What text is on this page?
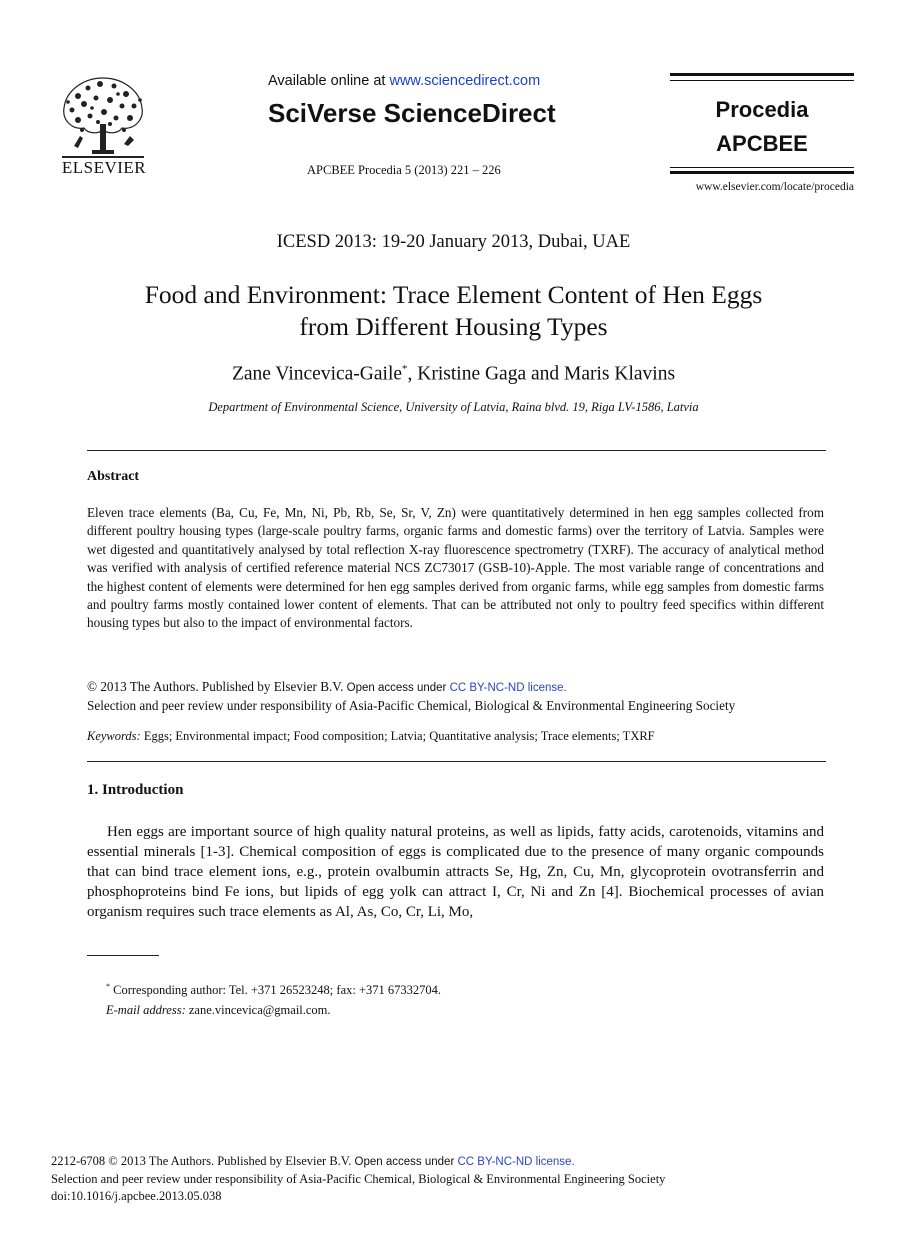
ELSEVIER
Available online at www.sciencedirect.com
SciVerse ScienceDirect
APCBEE Procedia 5 (2013) 221 – 226
Procedia
APCBEE
www.elsevier.com/locate/procedia
ICESD 2013: 19-20 January 2013, Dubai, UAE
Food and Environment: Trace Element Content of Hen Eggs
from Different Housing Types
Zane Vincevica-Gaile*, Kristine Gaga and Maris Klavins
Department of Environmental Science, University of Latvia, Raina blvd. 19, Riga LV-1586, Latvia
Abstract

Eleven trace elements (Ba, Cu, Fe, Mn, Ni, Pb, Rb, Se, Sr, V, Zn) were quantitatively determined in hen egg samples collected from different poultry housing types (large-scale poultry farms, organic farms and domestic farms) over the territory of Latvia. Samples were wet digested and quantitatively analysed by total reflection X-ray fluorescence spectrometry (TXRF). The accuracy of analytical method was verified with analysis of certified reference material NCS ZC73017 (GSB-10)-Apple. The most variable range of concentrations and the highest content of elements were determined for hen egg samples derived from organic farms, while egg samples from domestic farms and poultry farms mostly contained lower content of elements. That can be attributed not only to poultry feed specifics within different housing types but also to the impact of environmental factors.

© 2013 The Authors. Published by Elsevier B.V. Open access under CC BY-NC-ND license.
Selection and peer review under responsibility of Asia-Pacific Chemical, Biological & Environmental Engineering Society
Keywords: Eggs; Environmental impact; Food composition; Latvia; Quantitative analysis; Trace elements; TXRF
1. Introduction

Hen eggs are important source of high quality natural proteins, as well as lipids, fatty acids, carotenoids, vitamins and essential minerals [1-3]. Chemical composition of eggs is complicated due to the presence of many organic compounds that can bind trace element ions, e.g., protein ovalbumin attracts Se, Hg, Zn, Cu, Mn, glycoprotein ovotransferrin and phosphoproteins bind Fe ions, but lipids of egg yolk can attract I, Cr, Ni and Zn [4]. Biochemical processes of avian organism requires such trace elements as Al, As, Co, Cr, Li, Mo,

* Corresponding author: Tel. +371 26523248; fax: +371 67332704.
E-mail address: zane.vincevica@gmail.com.
2212-6708 © 2013 The Authors. Published by Elsevier B.V. Open access under CC BY-NC-ND license.
Selection and peer review under responsibility of Asia-Pacific Chemical, Biological & Environmental Engineering Society
doi:10.1016/j.apcbee.2013.05.038
